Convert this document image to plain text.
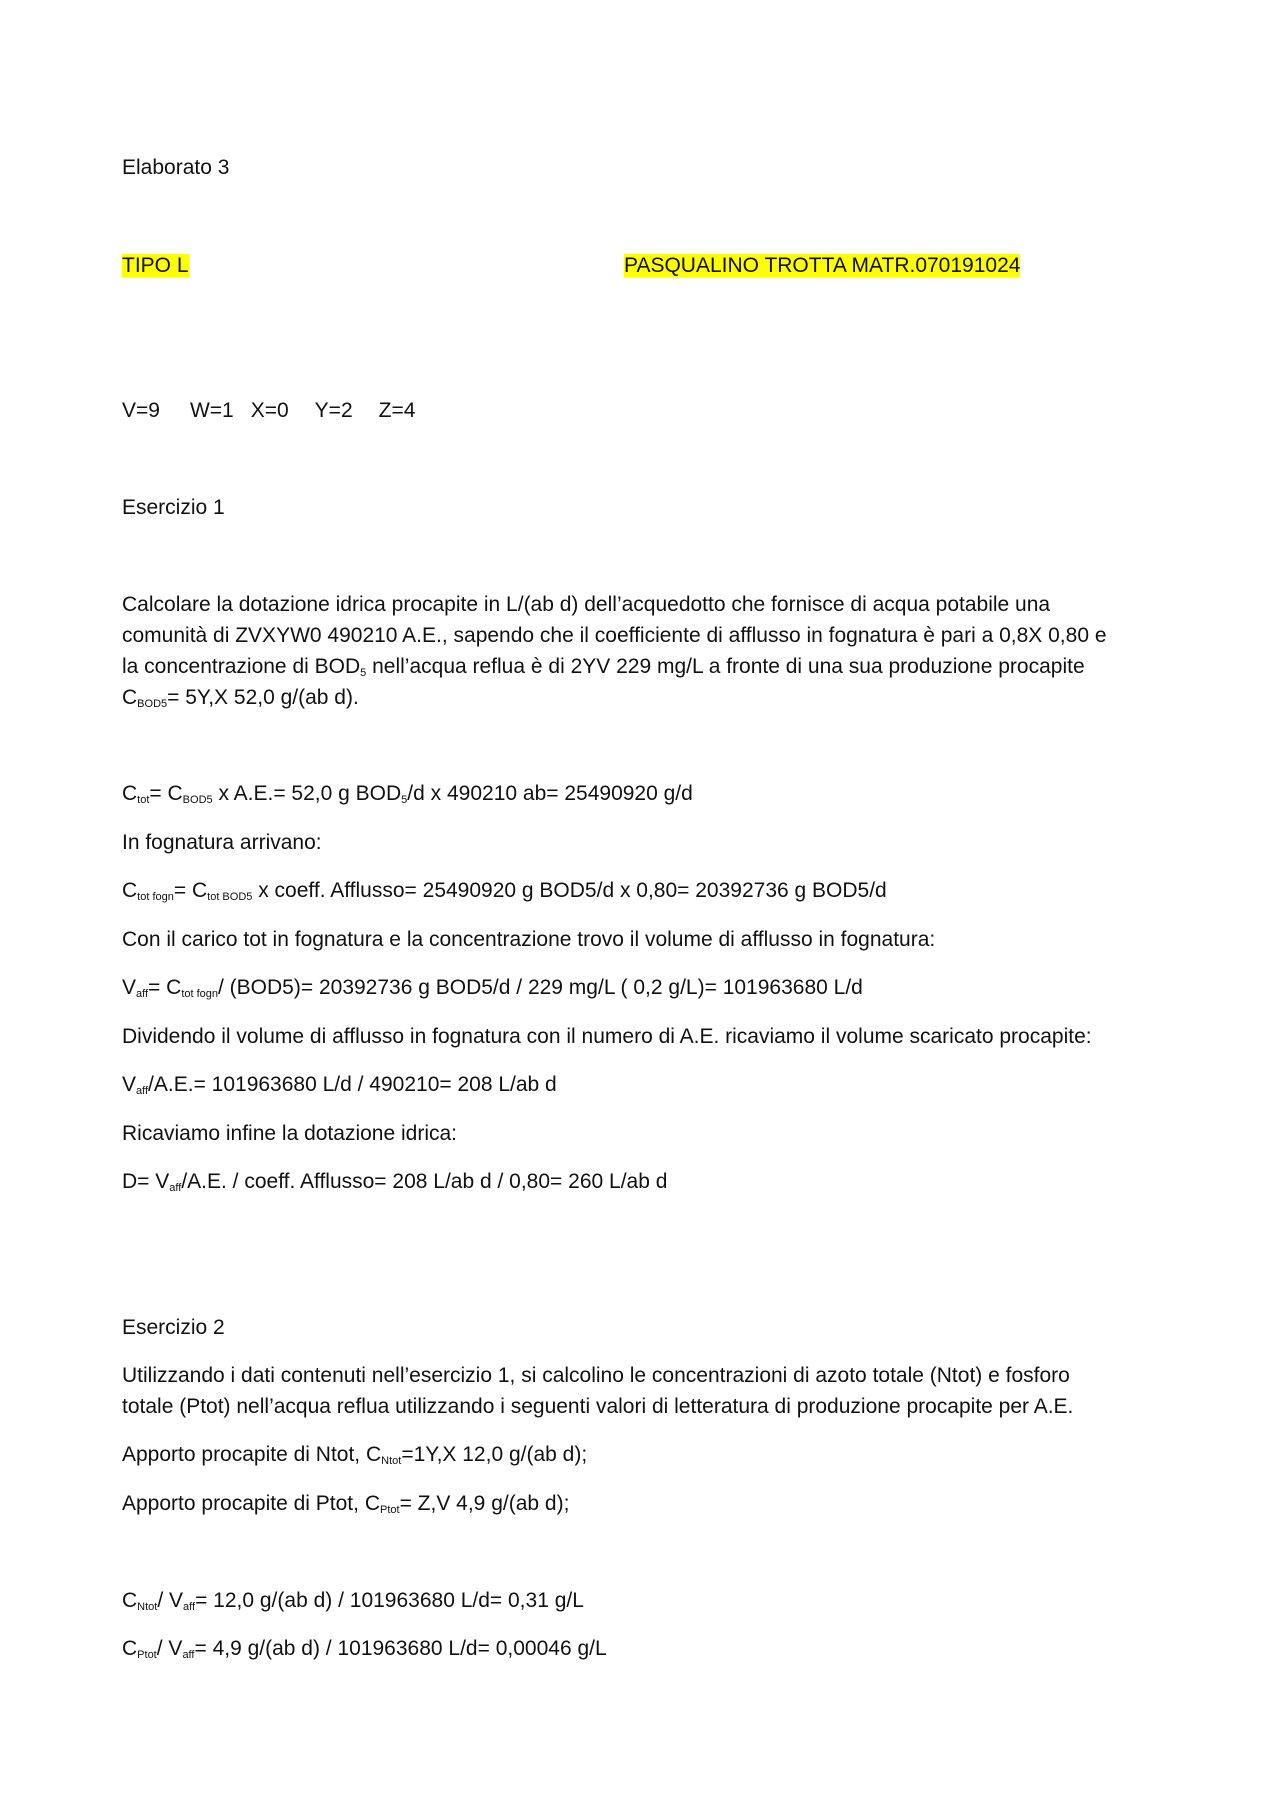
Elaborato 3
TIPO L	PASQUALINO TROTTA MATR.070191024
V=9 W=1 X=0 Y=2 Z=4
Esercizio 1
Calcolare la dotazione idrica procapite in L/(ab d) dell’acquedotto che fornisce di acqua potabile una
comunità di ZVXYW0 490210 A.E., sapendo che il coefficiente di afflusso in fognatura è pari a 0,8X 0,80 e
la concentrazione di $BOD_5$ nell’acqua reflua è di 2YV 229 mg/L a fronte di una sua produzione procapite
$C_{BOD5}= 5Y,X$ 52,0 g/(ab d).
$C_{tot}= C_{BOD5}$ x A.E.= 52,0 g $BOD_5/d$ x 490210 ab= 25490920 g/d
In fognatura arrivano:
$C_{tot fogn}= C_{tot BOD5}$ x coeff. Afflusso= 25490920 g BOD5/d x 0,80= 20392736 g BOD5/d
Con il carico tot in fognatura e la concentrazione trovo il volume di afflusso in fognatura:
$V_{aff}= C_{tot fogn}/$ (BOD5)= 20392736 g BOD5/d / 229 mg/L ( 0,2 g/L)= 101963680 L/d
Dividendo il volume di afflusso in fognatura con il numero di A.E. ricaviamo il volume scaricato procapite:
$V_{aff}/A.E.= 101963680$ L/d / 490210= 208 L/ab d
Ricaviamo infine la dotazione idrica:
$D= V_{aff}/A.E$. / coeff. Afflusso= 208 L/ab d / 0,80= 260 L/ab d
Esercizio 2
Utilizzando i dati contenuti nell’esercizio 1, si calcolino le concentrazioni di azoto totale (Ntot) e fosforo
totale (Ptot) nell’acqua reflua utilizzando i seguenti valori di letteratura di produzione procapite per A.E.
Apporto procapite di Ntot, $C_{Ntot}=1Y,X$ 12,0 g/(ab d);
Apporto procapite di Ptot, $C_{Ptot}= Z,V$ 4,9 g/(ab d);
$C_{Ntot}/$ $V_{aff}= 12,0$ g/(ab d) / 101963680 L/d= 0,31 g/L
$C_{Ptot}/$ $V_{aff}= 4,9$ g/(ab d) / 101963680 L/d= 0,00046 g/L
